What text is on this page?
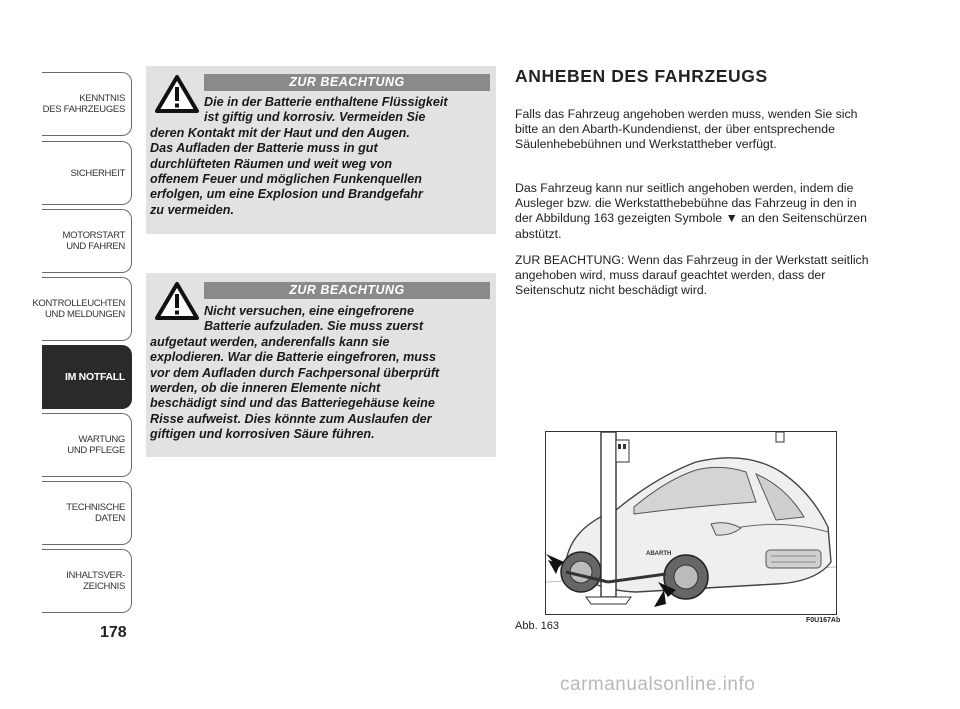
KENNTNIS
DES FAHRZEUGES
SICHERHEIT
MOTORSTART
UND FAHREN
KONTROLLEUCHTEN
UND MELDUNGEN
IM NOTFALL
WARTUNG
UND PFLEGE
TECHNISCHE
DATEN
INHALTSVER-
ZEICHNIS
178
ZUR BEACHTUNG
Die in der Batterie enthaltene Flüssigkeit
ist giftig und korrosiv. Vermeiden Sie
deren Kontakt mit der Haut und den Augen.
Das Aufladen der Batterie muss in gut
durchlüfteten Räumen und weit weg von
offenem Feuer und möglichen Funkenquellen
erfolgen, um eine Explosion und Brandgefahr
zu vermeiden.
ZUR BEACHTUNG
Nicht versuchen, eine eingefrorene
Batterie aufzuladen. Sie muss zuerst
aufgetaut werden, anderenfalls kann sie
explodieren. War die Batterie eingefroren, muss
vor dem Aufladen durch Fachpersonal überprüft
werden, ob die inneren Elemente nicht
beschädigt sind und das Batteriegehäuse keine
Risse aufweist. Dies könnte zum Auslaufen der
giftigen und korrosiven Säure führen.
ANHEBEN DES FAHRZEUGS

Falls das Fahrzeug angehoben werden muss, wenden Sie sich bitte an den Abarth-Kundendienst, der über entsprechende Säulenhebebühnen und Werkstattheber verfügt.

Das Fahrzeug kann nur seitlich angehoben werden, indem die Ausleger bzw. die Werkstatthebebühne das Fahrzeug in den in der Abbildung 163 gezeigten Symbole ▼ an den Seitenschürzen abstützt.

ZUR BEACHTUNG: Wenn das Fahrzeug in der Werkstatt seitlich angehoben wird, muss darauf geachtet werden, dass der Seitenschutz nicht beschädigt wird.

ABARTH
F0U167Ab
Abb. 163
carmanualsonline.info
